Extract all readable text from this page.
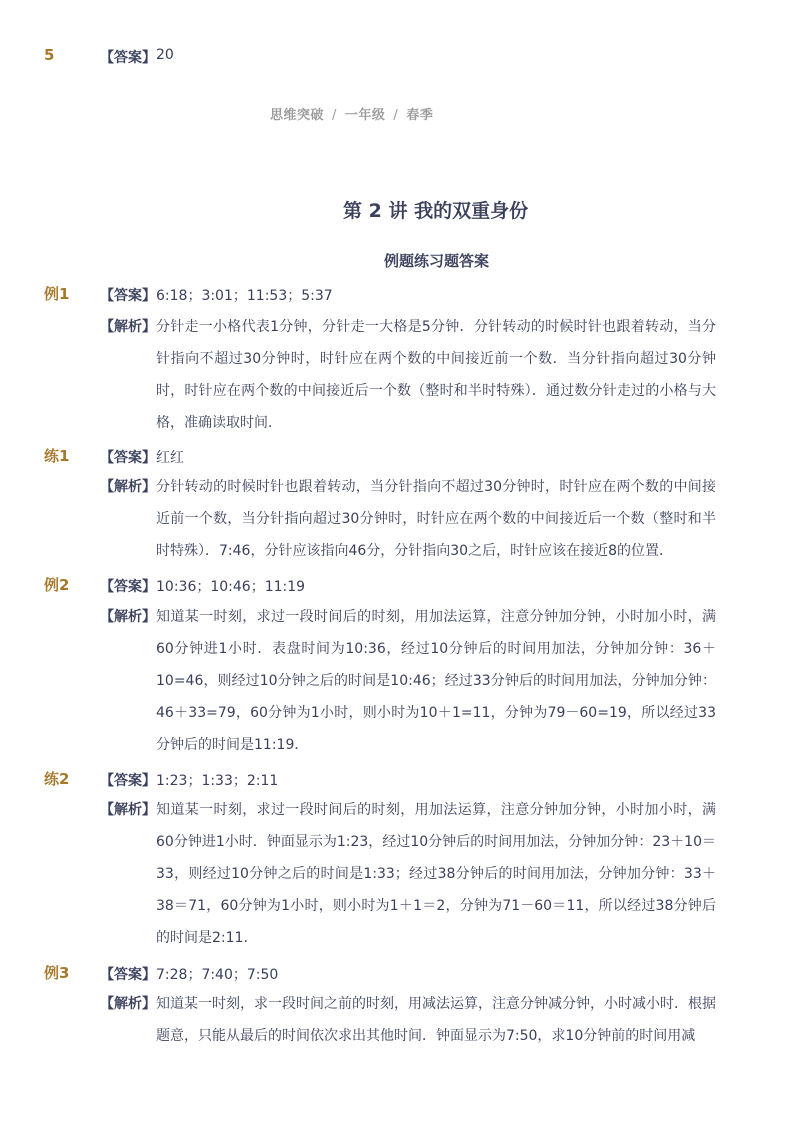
5	【答案】 20
思维突破 / 一年级 / 春季
第 2 讲 我的双重身份
例题练习题答案
例1 【答案】 6:18；3:01；11:53；5:37
【解析】 分针走一小格代表1分钟，分针走一大格是5分钟．分针转动的时候时针也跟着转动，当分针指向不超过30分钟时，时针应在两个数的中间接近前一个数．当分针指向超过30分钟时，时针应在两个数的中间接近后一个数（整时和半时特殊）．通过数分针走过的小格与大格，准确读取时间．
练1 【答案】 红红
【解析】 分针转动的时候时针也跟着转动，当分针指向不超过30分钟时，时针应在两个数的中间接近前一个数，当分针指向超过30分钟时，时针应在两个数的中间接近后一个数（整时和半时特殊）．7:46，分针应该指向46分，分针指向30之后，时针应该在接近8的位置．
例2 【答案】 10:36；10:46；11:19
【解析】 知道某一时刻，求过一段时间后的时刻，用加法运算，注意分钟加分钟，小时加小时，满60分钟进1小时．表盘时间为10:36，经过10分钟后的时间用加法，分钟加分钟：36＋10=46，则经过10分钟之后的时间是10:46；经过33分钟后的时间用加法，分钟加分钟：46＋33=79，60分钟为1小时，则小时为10＋1=11，分钟为79－60=19，所以经过33分钟后的时间是11:19．
练2 【答案】 1:23；1:33；2:11
【解析】 知道某一时刻，求过一段时间后的时刻，用加法运算，注意分钟加分钟，小时加小时，满60分钟进1小时．钟面显示为1:23，经过10分钟后的时间用加法，分钟加分钟：23＋10＝33，则经过10分钟之后的时间是1:33；经过38分钟后的时间用加法，分钟加分钟：33＋38＝71，60分钟为1小时，则小时为1＋1＝2，分钟为71－60＝11，所以经过38分钟后的时间是2:11．
例3 【答案】 7:28；7:40；7:50
【解析】 知道某一时刻，求一段时间之前的时刻，用减法运算，注意分钟减分钟，小时减小时．根据题意，只能从最后的时间依次求出其他时间．钟面显示为7:50，求10分钟前的时间用减
